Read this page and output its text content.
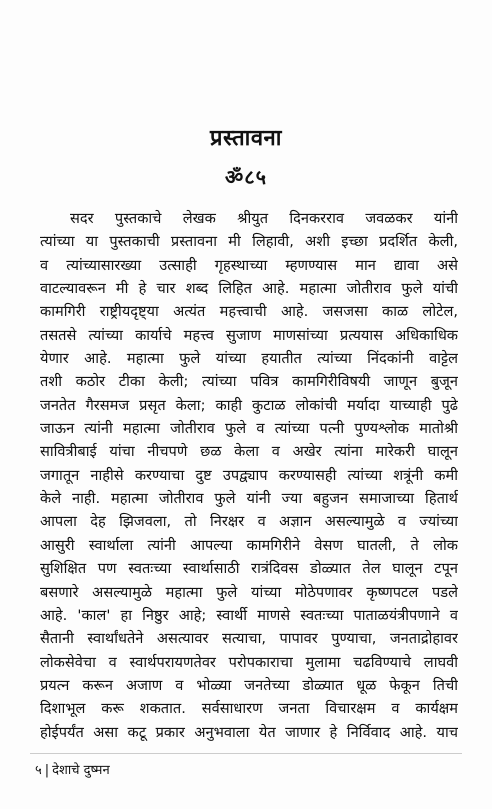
प्रस्तावना
ॐ८५
सदर पुस्तकाचे लेखक श्रीयुत दिनकरराव जवळकर यांनी
त्यांच्या या पुस्तकाची प्रस्तावना मी लिहावी, अशी इच्छा प्रदर्शित केली,
व त्यांच्यासारख्या उत्साही गृहस्थाच्या म्हणण्यास मान द्यावा असे
वाटल्यावरून मी हे चार शब्द लिहित आहे. महात्मा जोतीराव फुले यांची
कामगिरी राष्ट्रीयदृष्ट्या अत्यंत महत्त्वाची आहे. जसजसा काळ लोटेल,
तसतसे त्यांच्या कार्याचे महत्त्व सुजाण माणसांच्या प्रत्ययास अधिकाधिक
येणार आहे. महात्मा फुले यांच्या हयातीत त्यांच्या निंदकांनी वाट्टेल
तशी कठोर टीका केली; त्यांच्या पवित्र कामगिरीविषयी जाणून बुजून
जनतेत गैरसमज प्रसृत केला; काही कुटाळ लोकांची मर्यादा याच्याही पुढे
जाऊन त्यांनी महात्मा जोतीराव फुले व त्यांच्या पत्नी पुण्यश्लोक मातोश्री
सावित्रीबाई यांचा नीचपणे छळ केला व अखेर त्यांना मारेकरी घालून
जगातून नाहीसे करण्याचा दुष्ट उपद्व्याप करण्यासही त्यांच्या शत्रूंनी कमी
केले नाही. महात्मा जोतीराव फुले यांनी ज्या बहुजन समाजाच्या हितार्थ
आपला देह झिजवला, तो निरक्षर व अज्ञान असल्यामुळे व ज्यांच्या
आसुरी स्वार्थाला त्यांनी आपल्या कामगिरीने वेसण घातली, ते लोक
सुशिक्षित पण स्वतःच्या स्वार्थासाठी रात्रंदिवस डोळ्यात तेल घालून टपून
बसणारे असल्यामुळे महात्मा फुले यांच्या मोठेपणावर कृष्णपटल पडले
आहे. 'काल' हा निष्ठुर आहे; स्वार्थी माणसे स्वतःच्या पाताळयंत्रीपणाने व
सैतानी स्वार्थांधतेने असत्यावर सत्याचा, पापावर पुण्याचा, जनताद्रोहावर
लोकसेवेचा व स्वार्थपरायणतेवर परोपकाराचा मुलामा चढविण्याचे लाघवी
प्रयत्न करून अजाण व भोळ्या जनतेच्या डोळ्यात धूळ फेकून तिची
दिशाभूल करू शकतात. सर्वसाधारण जनता विचारक्षम व कार्यक्षम
होईपर्यंत असा कटू प्रकार अनुभवाला येत जाणार हे निर्विवाद आहे. याच
५ | देशाचे दुष्मन
